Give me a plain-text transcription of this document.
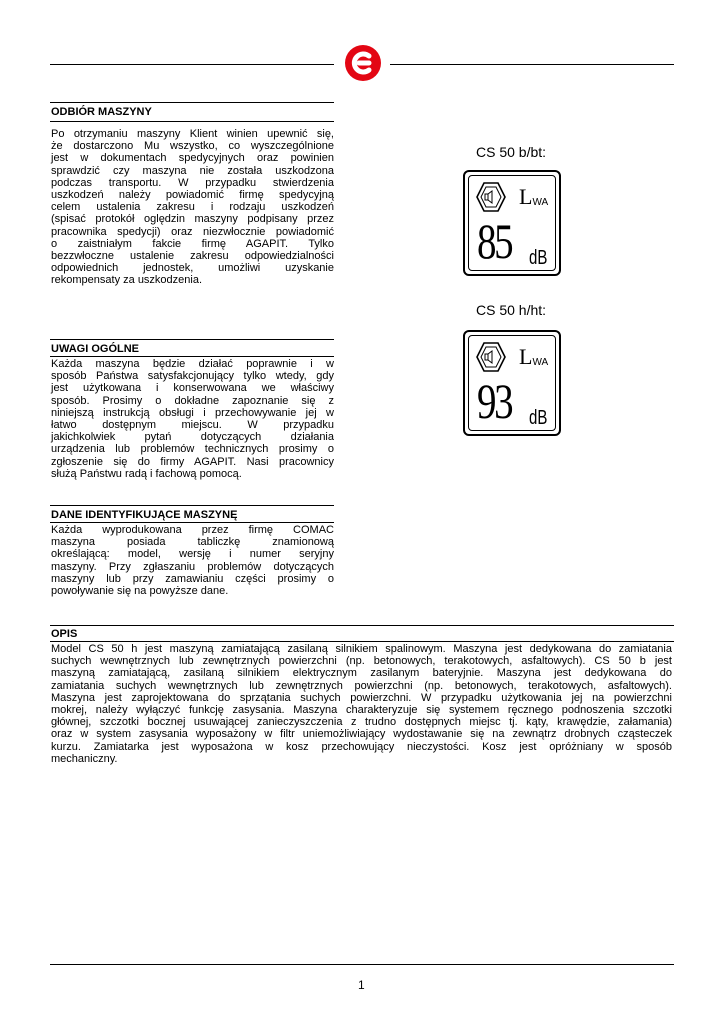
ODBIÓR MASZYNY
Po otrzymaniu maszyny Klient winien upewnić się,
że dostarczono Mu wszystko, co wyszczególnione
jest w dokumentach spedycyjnych oraz powinien
sprawdzić czy maszyna nie została uszkodzona
podczas transportu. W przypadku stwierdzenia
uszkodzeń należy powiadomić firmę spedycyjną
celem ustalenia zakresu i rodzaju uszkodzeń
(spisać protokół oględzin maszyny podpisany przez
pracownika spedycji) oraz niezwłocznie powiadomić
o zaistniałym fakcie firmę AGAPIT. Tylko
bezzwłoczne ustalenie zakresu odpowiedzialności
odpowiednich jednostek, umożliwi uzyskanie
rekompensaty za uszkodzenia.
UWAGI OGÓLNE
Każda maszyna będzie działać poprawnie i w
sposób Państwa satysfakcjonujący tylko wtedy, gdy
jest użytkowana i konserwowana we właściwy
sposób. Prosimy o dokładne zapoznanie się z
niniejszą instrukcją obsługi i przechowywanie jej w
łatwo dostępnym miejscu. W przypadku
jakichkolwiek pytań dotyczących działania
urządzenia lub problemów technicznych prosimy o
zgłoszenie się do firmy AGAPIT. Nasi pracownicy
służą Państwu radą i fachową pomocą.
DANE IDENTYFIKUJĄCE MASZYNĘ
Każda wyprodukowana przez firmę COMAC
maszyna posiada tabliczkę znamionową
określającą: model, wersję i numer seryjny
maszyny. Przy zgłaszaniu problemów dotyczących
maszyny lub przy zamawianiu części prosimy o
powoływanie się na powyższe dane.
OPIS
Model CS 50 h jest maszyną zamiatającą zasilaną silnikiem spalinowym. Maszyna jest dedykowana do zamiatania
suchych wewnętrznych lub zewnętrznych powierzchni (np. betonowych, terakotowych, asfaltowych). CS 50 b jest
maszyną zamiatającą, zasilaną silnikiem elektrycznym zasilanym bateryjnie. Maszyna jest dedykowana do
zamiatania suchych wewnętrznych lub zewnętrznych powierzchni (np. betonowych, terakotowych, asfaltowych).
Maszyna jest zaprojektowana do sprzątania suchych powierzchni. W przypadku użytkowania jej na powierzchni
mokrej, należy wyłączyć funkcję zasysania. Maszyna charakteryzuje się systemem ręcznego podnoszenia szczotki
głównej, szczotki bocznej usuwającej zanieczyszczenia z trudno dostępnych miejsc tj. kąty, krawędzie, załamania)
oraz w system zasysania wyposażony w filtr uniemożliwiający wydostawanie się na zewnątrz drobnych cząsteczek
kurzu. Zamiatarka jest wyposażona w kosz przechowujący nieczystości. Kosz jest opróżniany w sposób
mechaniczny.
CS 50 b/bt:
$L_{WA}$
85 dB
CS 50 h/ht:
$L_{WA}$
93 dB
1
